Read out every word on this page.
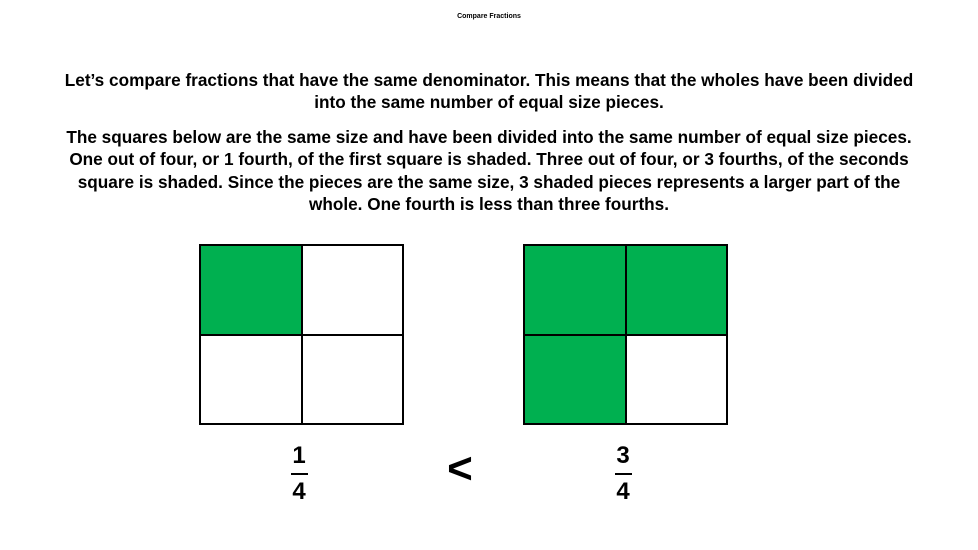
Compare Fractions

Let’s compare fractions that have the same denominator. This means that the wholes have been divided into the same number of equal size pieces.

The squares below are the same size and have been divided into the same number of equal size pieces. One out of four, or 1 fourth, of the first square is shaded. Three out of four, or 3 fourths, of the seconds square is shaded. Since the pieces are the same size, 3 shaded pieces represents a larger part of the whole. One fourth is less than three fourths.

1
4	<	3
4
